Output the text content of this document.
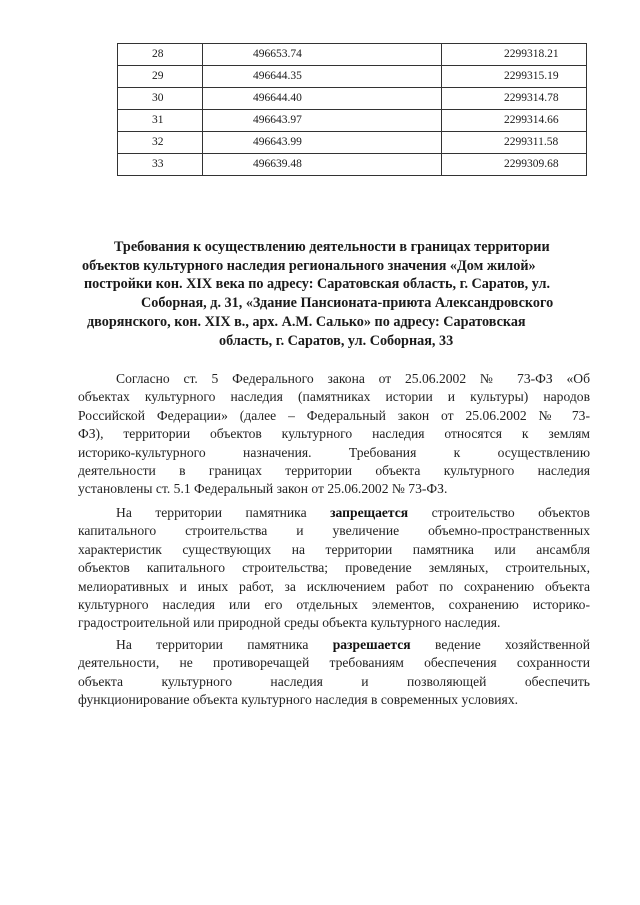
28	496653.74	2299318.21
29	496644.35	2299315.19
30	496644.40	2299314.78
31	496643.97	2299314.66
32	496643.99	2299311.58
33	496639.48	2299309.68
Требования к осуществлению деятельности в границах территории
объектов культурного наследия регионального значения «Дом жилой»
постройки кон. XIX века по адресу: Саратовская область, г. Саратов, ул.
Соборная, д. 31, «Здание Пансионата-приюта Александровского
дворянского, кон. XIX в., арх. А.М. Салько» по адресу: Саратовская
область, г. Саратов, ул. Соборная, 33
Согласно ст. 5 Федерального закона от 25.06.2002 № 73-ФЗ «Об
объектах культурного наследия (памятниках истории и культуры) народов
Российской Федерации» (далее – Федеральный закон от 25.06.2002 № 73-
ФЗ), территории объектов культурного наследия относятся к землям
историко-культурного назначения. Требования к осуществлению
деятельности в границах территории объекта культурного наследия
установлены ст. 5.1 Федеральный закон от 25.06.2002 № 73-ФЗ.
На территории памятника запрещается строительство объектов
капитального строительства и увеличение объемно-пространственных
характеристик существующих на территории памятника или ансамбля
объектов капитального строительства; проведение земляных, строительных,
мелиоративных и иных работ, за исключением работ по сохранению объекта
культурного наследия или его отдельных элементов, сохранению историко-
градостроительной или природной среды объекта культурного наследия.
На территории памятника разрешается ведение хозяйственной
деятельности, не противоречащей требованиям обеспечения сохранности
объекта культурного наследия и позволяющей обеспечить
функционирование объекта культурного наследия в современных условиях.
